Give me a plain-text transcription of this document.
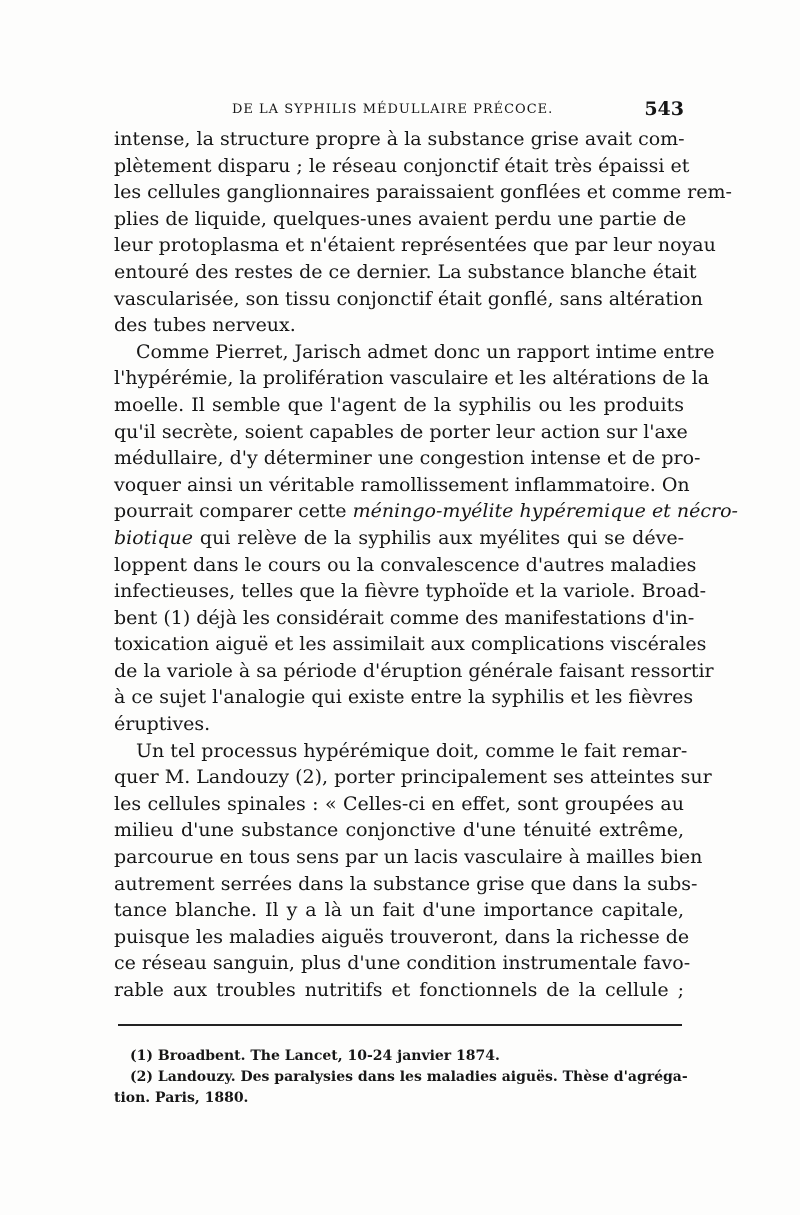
DE LA SYPHILIS MÉDULLAIRE PRÉCOCE.	543
intense, la structure propre à la substance grise avait com-
plètement disparu ; le réseau conjonctif était très épaissi et
les cellules ganglionnaires paraissaient gonflées et comme rem-
plies de liquide, quelques-unes avaient perdu une partie de
leur protoplasma et n'étaient représentées que par leur noyau
entouré des restes de ce dernier. La substance blanche était
vascularisée, son tissu conjonctif était gonflé, sans altération
des tubes nerveux.
Comme Pierret, Jarisch admet donc un rapport intime entre
l'hypérémie, la prolifération vasculaire et les altérations de la
moelle. Il semble que l'agent de la syphilis ou les produits
qu'il secrète, soient capables de porter leur action sur l'axe
médullaire, d'y déterminer une congestion intense et de pro-
voquer ainsi un véritable ramollissement inflammatoire. On
pourrait comparer cette méningo-myélite hypéremique et nécro-
biotique qui relève de la syphilis aux myélites qui se déve-
loppent dans le cours ou la convalescence d'autres maladies
infectieuses, telles que la fièvre typhoïde et la variole. Broad-
bent (1) déjà les considérait comme des manifestations d'in-
toxication aiguë et les assimilait aux complications viscérales
de la variole à sa période d'éruption générale faisant ressortir
à ce sujet l'analogie qui existe entre la syphilis et les fièvres
éruptives.
Un tel processus hypérémique doit, comme le fait remar-
quer M. Landouzy (2), porter principalement ses atteintes sur
les cellules spinales : « Celles-ci en effet, sont groupées au
milieu d'une substance conjonctive d'une ténuité extrême,
parcourue en tous sens par un lacis vasculaire à mailles bien
autrement serrées dans la substance grise que dans la subs-
tance blanche. Il y a là un fait d'une importance capitale,
puisque les maladies aiguës trouveront, dans la richesse de
ce réseau sanguin, plus d'une condition instrumentale favo-
rable aux troubles nutritifs et fonctionnels de la cellule ;
(1) Broadbent. The Lancet, 10-24 janvier 1874.
(2) Landouzy. Des paralysies dans les maladies aiguës. Thèse d'agréga-
tion. Paris, 1880.
